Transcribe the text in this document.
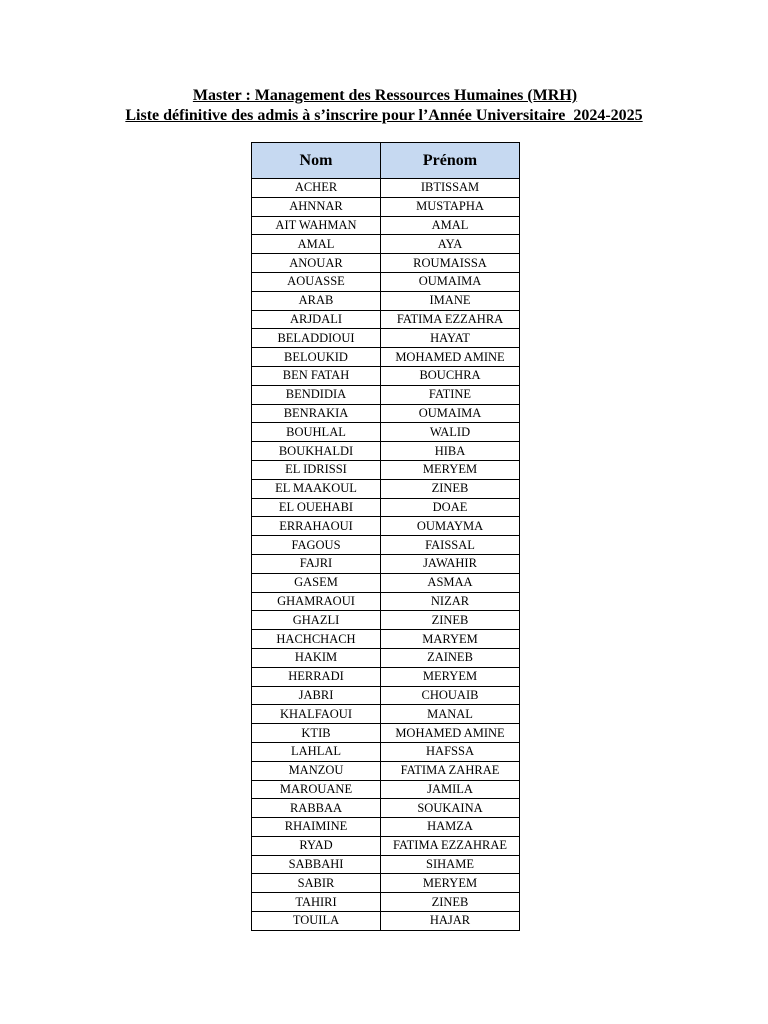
Master : Management des Ressources Humaines (MRH)
Liste définitive des admis à s’inscrire pour l’Année Universitaire  2024-2025
Nom	Prénom
ACHER	IBTISSAM
AHNNAR	MUSTAPHA
AIT WAHMAN	AMAL
AMAL	AYA
ANOUAR	ROUMAISSA
AOUASSE	OUMAIMA
ARAB	IMANE
ARJDALI	FATIMA EZZAHRA
BELADDIOUI	HAYAT
BELOUKID	MOHAMED AMINE
BEN FATAH	BOUCHRA
BENDIDIA	FATINE
BENRAKIA	OUMAIMA
BOUHLAL	WALID
BOUKHALDI	HIBA
EL IDRISSI	MERYEM
EL MAAKOUL	ZINEB
EL OUEHABI	DOAE
ERRAHAOUI	OUMAYMA
FAGOUS	FAISSAL
FAJRI	JAWAHIR
GASEM	ASMAA
GHAMRAOUI	NIZAR
GHAZLI	ZINEB
HACHCHACH	MARYEM
HAKIM	ZAINEB
HERRADI	MERYEM
JABRI	CHOUAIB
KHALFAOUI	MANAL
KTIB	MOHAMED AMINE
LAHLAL	HAFSSA
MANZOU	FATIMA ZAHRAE
MAROUANE	JAMILA
RABBAA	SOUKAINA
RHAIMINE	HAMZA
RYAD	FATIMA EZZAHRAE
SABBAHI	SIHAME
SABIR	MERYEM
TAHIRI	ZINEB
TOUILA	HAJAR
